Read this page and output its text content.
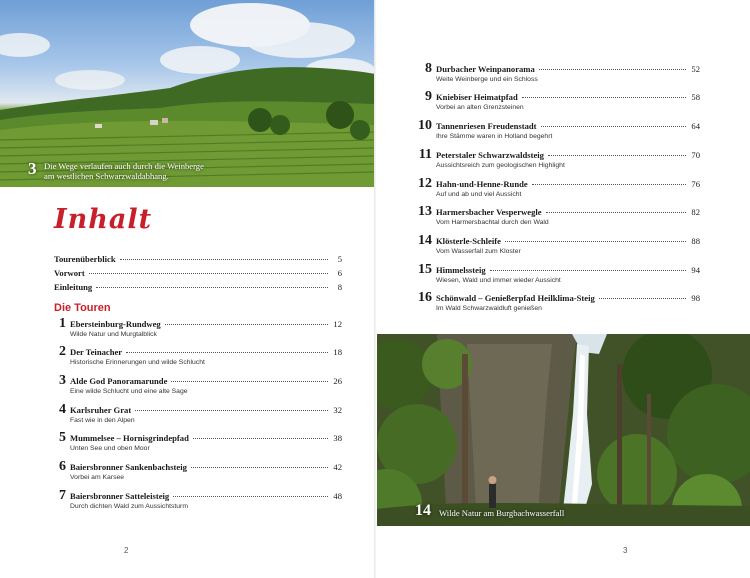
3 Die Wege verlaufen auch durch die Weinberge
am westlichen Schwarzwaldabhang.
Inhalt
Tourenüberblick	5
Vorwort	6
Einleitung	8
Die Touren
1 Ebersteinburg-Rundweg	12
Wilde Natur und Murgtalblick
2 Der Teinacher	18
Historische Erinnerungen und wilde Schlucht
3 Alde God Panoramarunde	26
Eine wilde Schlucht und eine alte Sage
4 Karlsruher Grat	32
Fast wie in den Alpen
5 Mummelsee – Hornisgrindepfad	38
Unten See und oben Moor
6 Baiersbronner Sankenbachsteig	42
Vorbei am Karsee
7 Baiersbronner Satteleisteig	48
Durch dichten Wald zum Aussichtsturm
2
8 Durbacher Weinpanorama	52
Weite Weinberge und ein Schloss
9 Kniebiser Heimatpfad	58
Vorbei an alten Grenzsteinen
10 Tannenriesen Freudenstadt	64
Ihre Stämme waren in Holland begehrt
11 Peterstaler Schwarzwaldsteig	70
Aussichtsreich zum geologischen Highlight
12 Hahn-und-Henne-Runde	76
Auf und ab und viel Aussicht
13 Harmersbacher Vesperwegle	82
Vom Harmersbachtal durch den Wald
14 Klösterle-Schleife	88
Vom Wasserfall zum Kloster
15 Himmelssteig	94
Wiesen, Wald und immer wieder Aussicht
16 Schönwald – Genießerpfad Heilklima-Steig	98
Im Wald Schwarzwaldluft genießen
14 Wilde Natur am Burgbachwasserfall
3
